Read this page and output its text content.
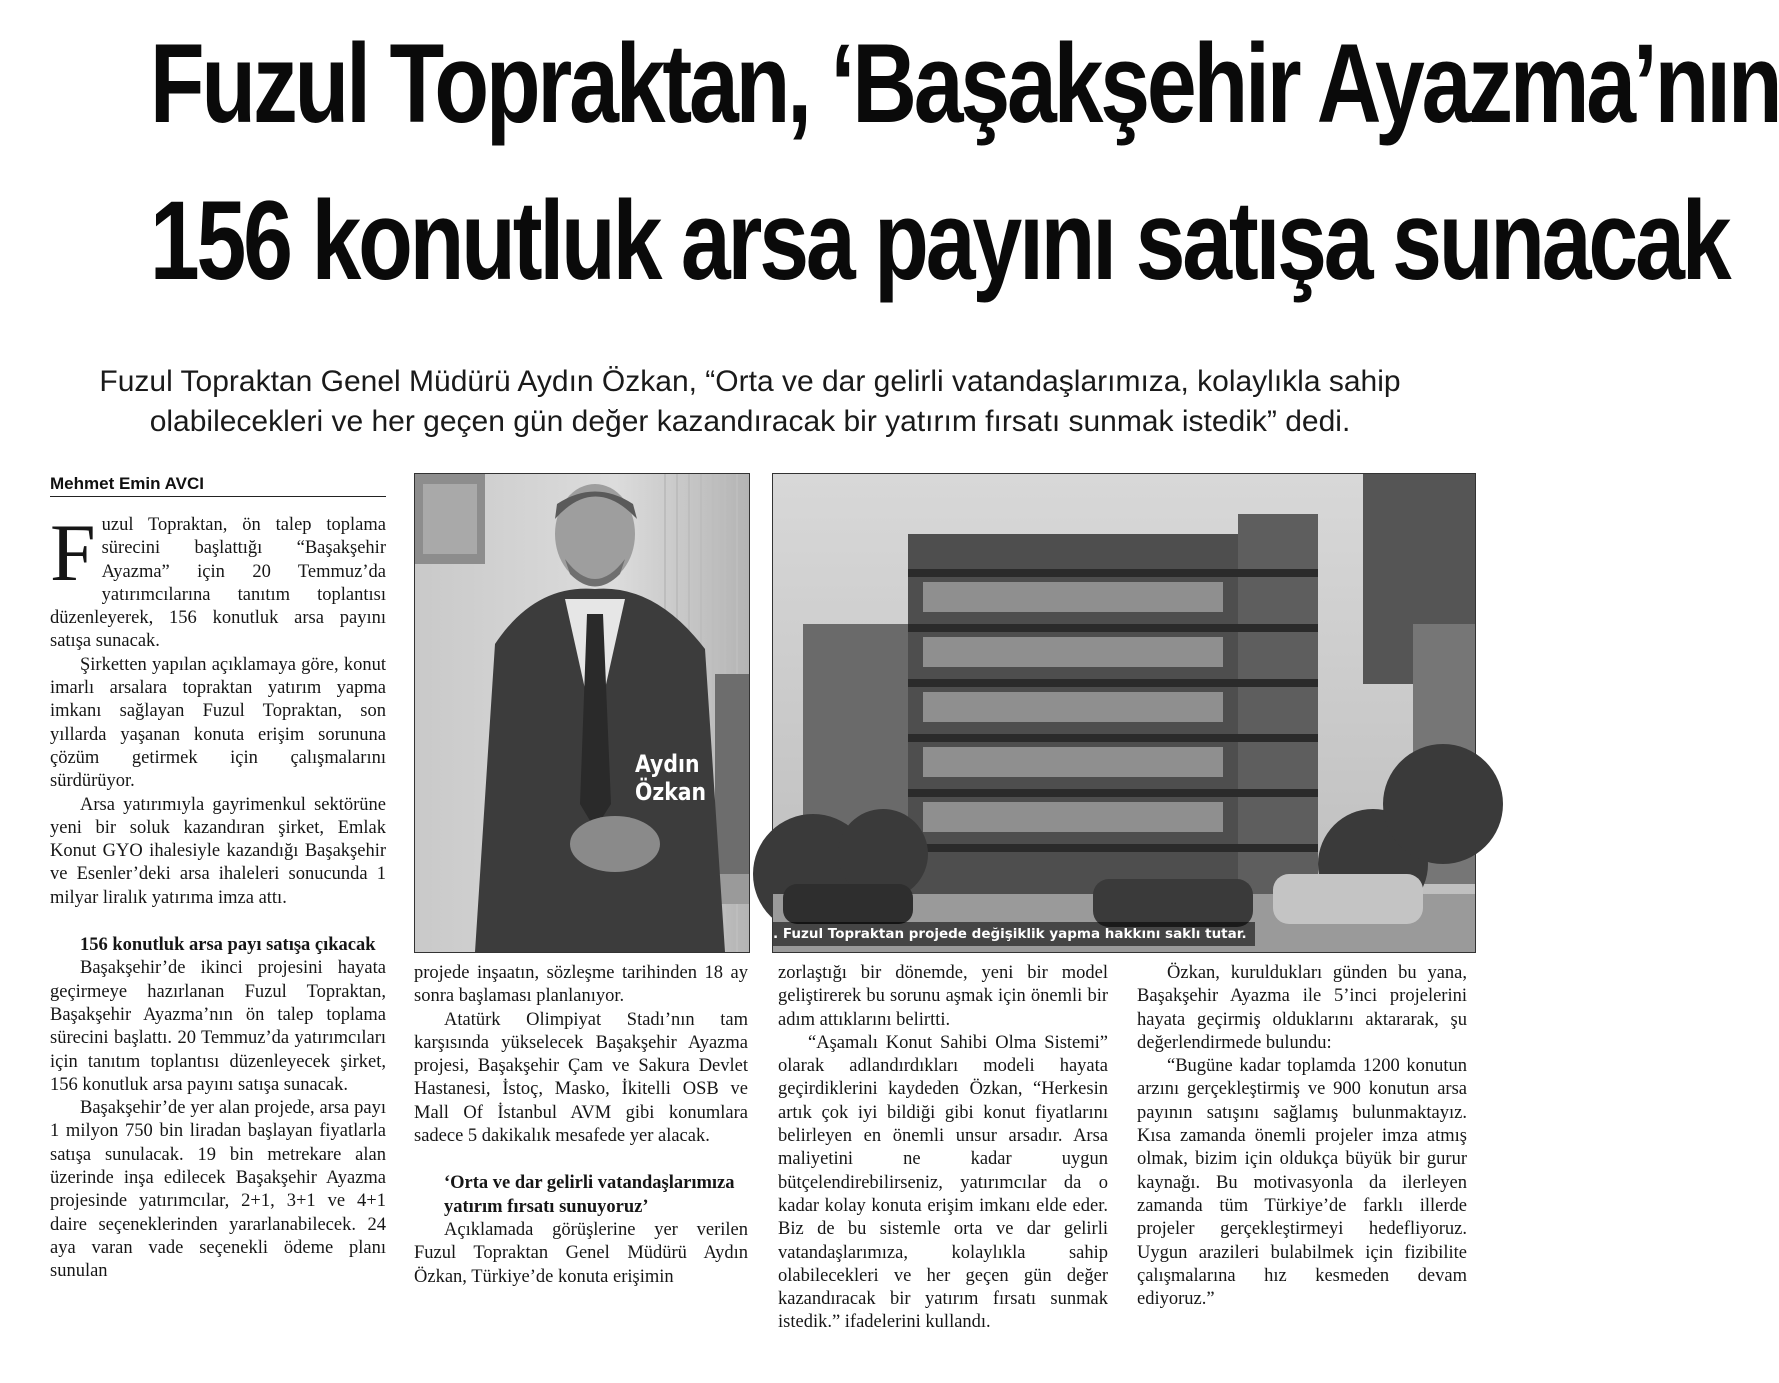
Fuzul Topraktan, ‘Başakşehir Ayazma’nın
156 konutluk arsa payını satışa sunacak
Fuzul Topraktan Genel Müdürü Aydın Özkan, “Orta ve dar gelirli vatandaşlarımıza, kolaylıkla sahip
olabilecekleri ve her geçen gün değer kazandıracak bir yatırım fırsatı sunmak istedik” dedi.
Mehmet Emin AVCI
F uzul Topraktan, ön talep toplama sürecini başlattığı “Başakşehir Ayazma” için 20 Temmuz’da yatırımcılarına tanıtım toplantısı düzenleyerek, 156 konutluk arsa payını satışa sunacak.

Şirketten yapılan açıklamaya göre, konut imarlı arsalara topraktan yatırım yapma imkanı sağlayan Fuzul Topraktan, son yıllarda yaşanan konuta erişim sorununa çözüm getirmek için çalışmalarını sürdürüyor.

Arsa yatırımıyla gayrimenkul sektörüne yeni bir soluk kazandıran şirket, Emlak Konut GYO ihalesiyle kazandığı Başakşehir ve Esenler’deki arsa ihaleleri sonucunda 1 milyar liralık yatırıma imza attı.

156 konutluk arsa payı satışa çıkacak

Başakşehir’de ikinci projesini hayata geçirmeye hazırlanan Fuzul Topraktan, Başakşehir Ayazma’nın ön talep toplama sürecini başlattı. 20 Temmuz’da yatırımcıları için tanıtım toplantısı düzenleyecek şirket, 156 konutluk arsa payını satışa sunacak.

Başakşehir’de yer alan projede, arsa payı 1 milyon 750 bin liradan başlayan fiyatlarla satışa sunulacak. 19 bin metrekare alan üzerinde inşa edilecek Başakşehir Ayazma projesinde yatırımcılar, 2+1, 3+1 ve 4+1 daire seçeneklerinden yararlanabilecek. 24 aya varan vade seçenekli ödeme planı sunulan

Aydın
Özkan
. Fuzul Topraktan projede değişiklik yapma hakkını saklı tutar.

projede inşaatın, sözleşme tarihinden 18 ay sonra başlaması planlanıyor.

Atatürk Olimpiyat Stadı’nın tam karşısında yükselecek Başakşehir Ayazma projesi, Başakşehir Çam ve Sakura Devlet Hastanesi, İstoç, Masko, İkitelli OSB ve Mall Of İstanbul AVM gibi konumlara sadece 5 dakikalık mesafede yer alacak.

‘Orta ve dar gelirli vatandaşlarımıza yatırım fırsatı sunuyoruz’

Açıklamada görüşlerine yer verilen Fuzul Topraktan Genel Müdürü Aydın Özkan, Türkiye’de konuta erişimin

zorlaştığı bir dönemde, yeni bir model geliştirerek bu sorunu aşmak için önemli bir adım attıklarını belirtti.

“Aşamalı Konut Sahibi Olma Sistemi” olarak adlandırdıkları modeli hayata geçirdiklerini kaydeden Özkan, “Herkesin artık çok iyi bildiği gibi konut fiyatlarını belirleyen en önemli unsur arsadır. Arsa maliyetini ne kadar uygun bütçelendirebilirseniz, yatırımcılar da o kadar kolay konuta erişim imkanı elde eder. Biz de bu sistemle orta ve dar gelirli vatandaşlarımıza, kolaylıkla sahip olabilecekleri ve her geçen gün değer kazandıracak bir yatırım fırsatı sunmak istedik.” ifadelerini kullandı.

Özkan, kuruldukları günden bu yana, Başakşehir Ayazma ile 5’inci projelerini hayata geçirmiş olduklarını aktararak, şu değerlendirmede bulundu:

“Bugüne kadar toplamda 1200 konutun arzını gerçekleştirmiş ve 900 konutun arsa payının satışını sağlamış bulunmaktayız. Kısa zamanda önemli projeler imza atmış olmak, bizim için oldukça büyük bir gurur kaynağı. Bu motivasyonla da ilerleyen zamanda tüm Türkiye’de farklı illerde projeler gerçekleştirmeyi hedefliyoruz. Uygun arazileri bulabilmek için fizibilite çalışmalarına hız kesmeden devam ediyoruz.”
